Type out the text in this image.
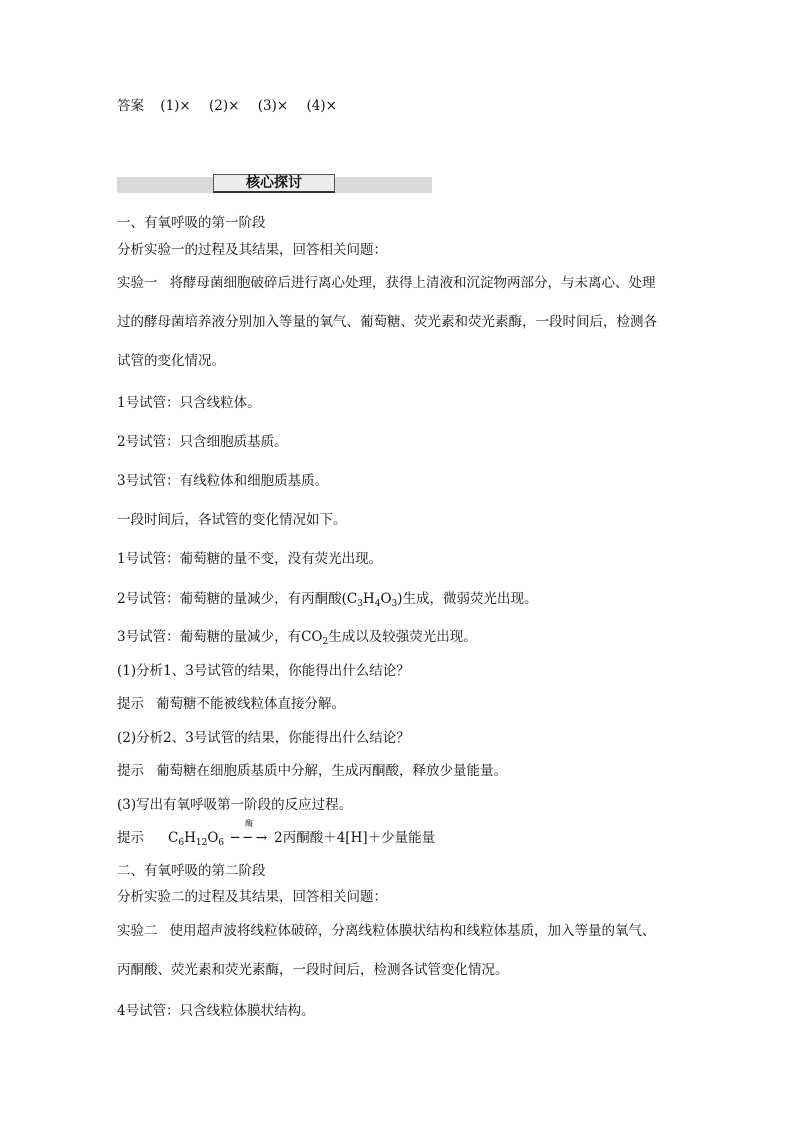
答案 (1)× (2)× (3)× (4)×
核心探讨
一、有氧呼吸的第一阶段
分析实验一的过程及其结果，回答相关问题：
实验一 将酵母菌细胞破碎后进行离心处理，获得上清液和沉淀物两部分，与未离心、处理
过的酵母菌培养液分别加入等量的氧气、葡萄糖、荧光素和荧光素酶，一段时间后，检测各
试管的变化情况。
1号试管：只含线粒体。
2号试管：只含细胞质基质。
3号试管：有线粒体和细胞质基质。
一段时间后，各试管的变化情况如下。
1号试管：葡萄糖的量不变，没有荧光出现。
2号试管：葡萄糖的量减少，有丙酮酸$(C_3H_4O_3)$生成，微弱荧光出现。
3号试管：葡萄糖的量减少，有$CO_2$生成以及较强荧光出现。
(1)分析1、3号试管的结果，你能得出什么结论？
提示 葡萄糖不能被线粒体直接分解。
(2)分析2、3号试管的结果，你能得出什么结论？
提示 葡萄糖在细胞质基质中分解，生成丙酮酸，释放少量能量。
(3)写出有氧呼吸第一阶段的反应过程。
提示 $C_6H_{12}O_6$
酶
─ ─ → 2丙酮酸＋4[H]＋少量能量
二、有氧呼吸的第二阶段
分析实验二的过程及其结果，回答相关问题：
实验二 使用超声波将线粒体破碎，分离线粒体膜状结构和线粒体基质，加入等量的氧气、
丙酮酸、荧光素和荧光素酶，一段时间后，检测各试管变化情况。
4号试管：只含线粒体膜状结构。
